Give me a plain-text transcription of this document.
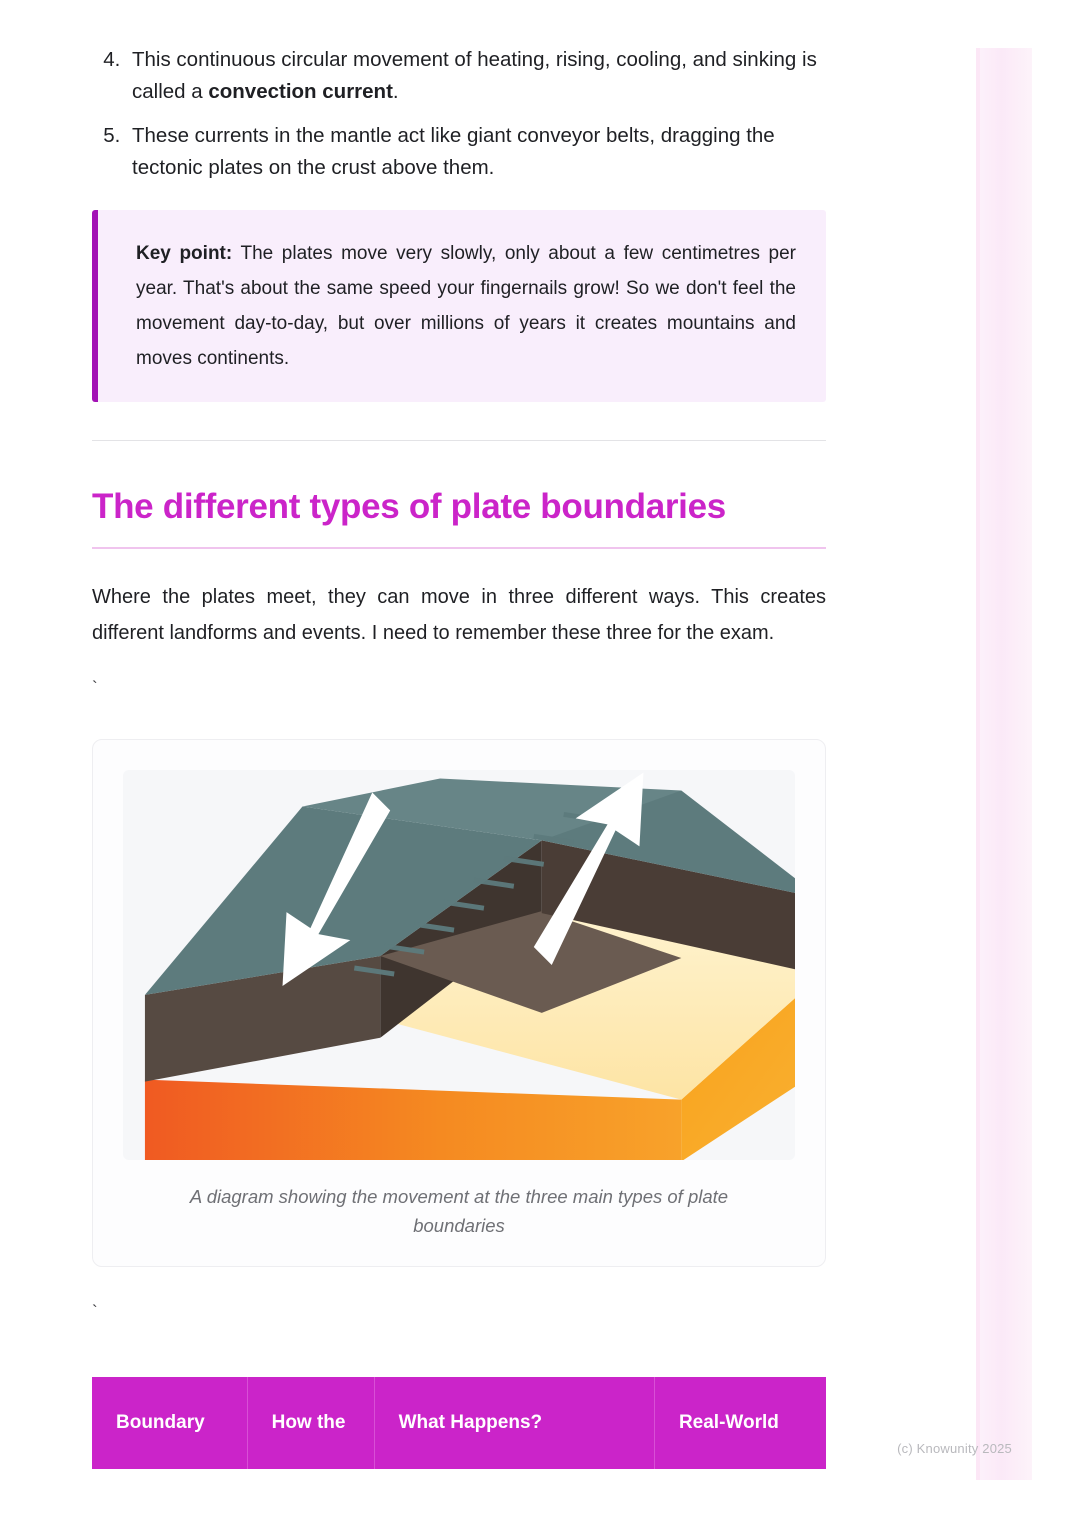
(c) Knowunity 2025
4. This continuous circular movement of heating, rising, cooling, and sinking is called a convection current.
5. These currents in the mantle act like giant conveyor belts, dragging the tectonic plates on the crust above them.

Key point: The plates move very slowly, only about a few centimetres per year. That's about the same speed your fingernails grow! So we don't feel the movement day-to-day, but over millions of years it creates mountains and moves continents.

The different types of plate boundaries

Where the plates meet, they can move in three different ways. This creates different landforms and events. I need to remember these three for the exam.

`
A diagram showing the movement at the three main types of plate boundaries
`
Boundary	How the	What Happens?	Real-World
